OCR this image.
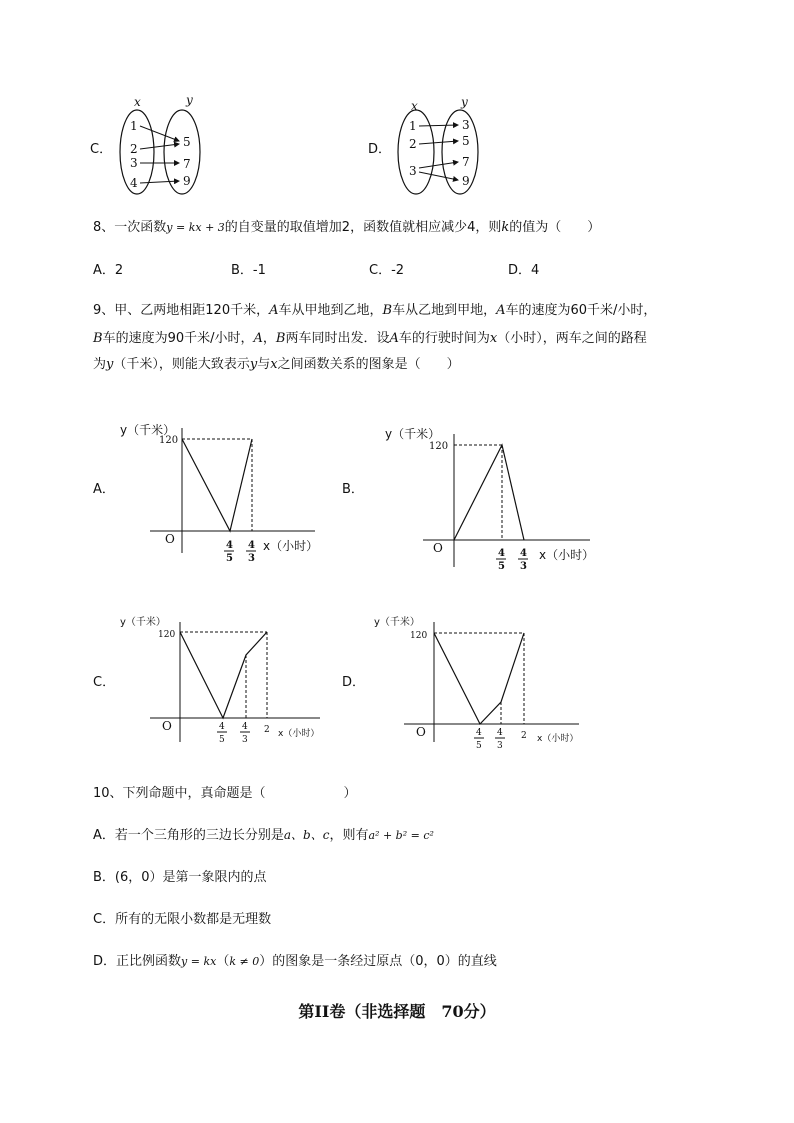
C．
x	y
1
2
3
4
5
7
9
D．
x	y
1
2
3
3
5
7
9
8、一次函数y = kx + 3的自变量的取值增加2，函数值就相应减少4，则k的值为（　　）
A．2	B．-1	C．-2	D．4
9、甲、乙两地相距120千米，A车从甲地到乙地，B车从乙地到甲地，A车的速度为60千米/小时，
B车的速度为90千米/小时，A，B两车同时出发．设A车的行驶时间为x（小时），两车之间的路程
为y（千米），则能大致表示y与x之间函数关系的图象是（　　）
A．
y（千米）
O
120
4
5
4
3
x（小时）
B．
y（千米）
O
120
4
5
4
3
x（小时）
C．
y（千米）
O
120
4
5
4
3
2 x（小时）
D．
y（千米）
O
120
4
5
4
3
2 x（小时）
10、下列命题中，真命题是（　　　　　　）
A．若一个三角形的三边长分别是a、b、c，则有a² + b² = c²
B．(6，0）是第一象限内的点
C．所有的无限小数都是无理数
D．正比例函数y = kx（k ≠ 0）的图象是一条经过原点（0，0）的直线
第II卷（非选择题　70分）
